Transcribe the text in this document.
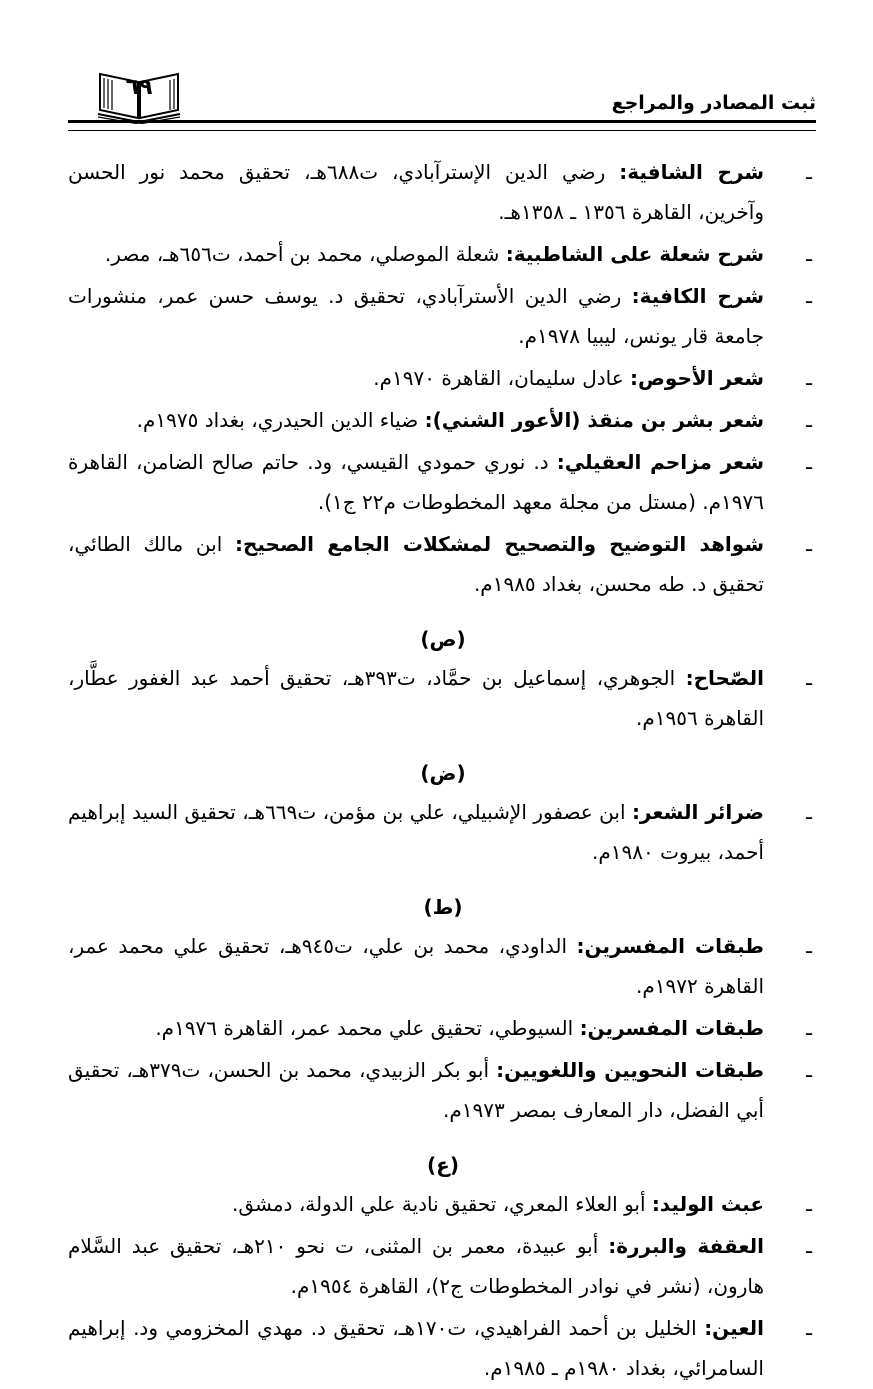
ثبت المصادر والمراجع
٦٩
ـ
شرح الشافية: رضي الدين الإسترآبادي، ت٦٨٨هـ، تحقيق محمد نور الحسن وآخرين، القاهرة ١٣٥٦ ـ ١٣٥٨هـ.
ـ
شرح شعلة على الشاطبية: شعلة الموصلي، محمد بن أحمد، ت٦٥٦هـ، مصر.
ـ
شرح الكافية: رضي الدين الأسترآبادي، تحقيق د. يوسف حسن عمر، منشورات جامعة قار يونس، ليبيا ١٩٧٨م.
ـ
شعر الأحوص: عادل سليمان، القاهرة ١٩٧٠م.
ـ
شعر بشر بن منقذ (الأعور الشني): ضياء الدين الحيدري، بغداد ١٩٧٥م.
ـ
شعر مزاحم العقيلي: د. نوري حمودي القيسي، ود. حاتم صالح الضامن، القاهرة ١٩٧٦م. (مستل من مجلة معهد المخطوطات م٢٢ ج١).
ـ
شواهد التوضيح والتصحيح لمشكلات الجامع الصحيح: ابن مالك الطائي، تحقيق د. طه محسن، بغداد ١٩٨٥م.
(ص)
ـ
الصّحاح: الجوهري، إسماعيل بن حمَّاد، ت٣٩٣هـ، تحقيق أحمد عبد الغفور عطَّار، القاهرة ١٩٥٦م.
(ض)
ـ
ضرائر الشعر: ابن عصفور الإشبيلي، علي بن مؤمن، ت٦٦٩هـ، تحقيق السيد إبراهيم أحمد، بيروت ١٩٨٠م.
(ط)
ـ
طبقات المفسرين: الداودي، محمد بن علي، ت٩٤٥هـ، تحقيق علي محمد عمر، القاهرة ١٩٧٢م.
ـ
طبقات المفسرين: السيوطي، تحقيق علي محمد عمر، القاهرة ١٩٧٦م.
ـ
طبقات النحويين واللغويين: أبو بكر الزبيدي، محمد بن الحسن، ت٣٧٩هـ، تحقيق أبي الفضل، دار المعارف بمصر ١٩٧٣م.
(ع)
ـ
عبث الوليد: أبو العلاء المعري، تحقيق نادية علي الدولة، دمشق.
ـ
العقفة والبررة: أبو عبيدة، معمر بن المثنى، ت نحو ٢١٠هـ، تحقيق عبد السَّلام هارون، (نشر في نوادر المخطوطات ج٢)، القاهرة ١٩٥٤م.
ـ
العين: الخليل بن أحمد الفراهيدي، ت١٧٠هـ، تحقيق د. مهدي المخزومي ود. إبراهيم السامرائي، بغداد ١٩٨٠م ـ ١٩٨٥م.
